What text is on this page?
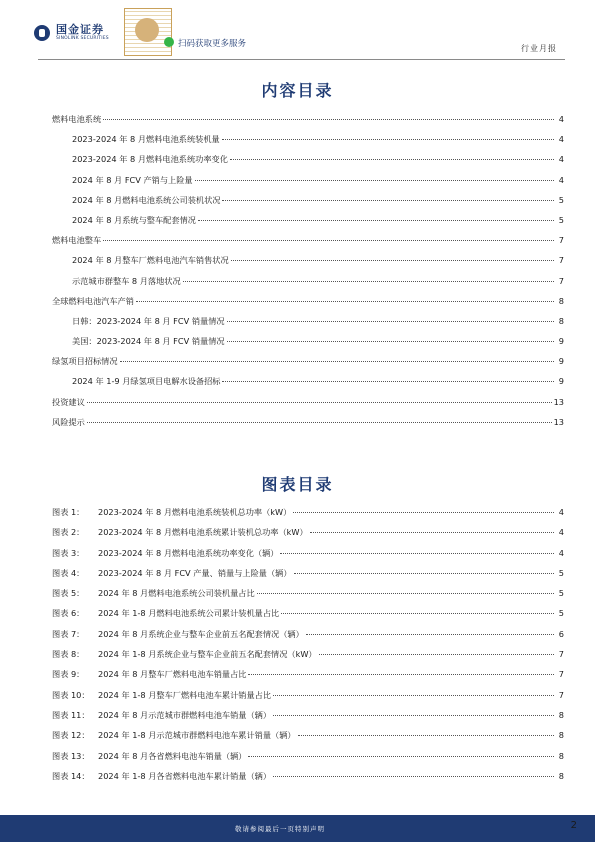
国金证券
SINOLINK SECURITIES
扫码获取更多服务	行业月报
内容目录
燃料电池系统	4
2023-2024 年 8 月燃料电池系统装机量	4
2023-2024 年 8 月燃料电池系统功率变化	4
2024 年 8 月 FCV 产销与上险量	4
2024 年 8 月燃料电池系统公司装机状况	5
2024 年 8 月系统与整车配套情况	5
燃料电池整车	7
2024 年 8 月整车厂燃料电池汽车销售状况	7
示范城市群整车 8 月落地状况	7
全球燃料电池汽车产销	8
日韩：2023-2024 年 8 月 FCV 销量情况	8
美国：2023-2024 年 8 月 FCV 销量情况	9
绿氢项目招标情况	9
2024 年 1-9 月绿氢项目电解水设备招标	9
投资建议	13
风险提示	13
图表目录
图表 1：	2023-2024 年 8 月燃料电池系统装机总功率（kW）	4
图表 2：	2023-2024 年 8 月燃料电池系统累计装机总功率（kW）	4
图表 3：	2023-2024 年 8 月燃料电池系统功率变化（辆）	4
图表 4：	2023-2024 年 8 月 FCV 产量、销量与上险量（辆）	5
图表 5：	2024 年 8 月燃料电池系统公司装机量占比	5
图表 6：	2024 年 1-8 月燃料电池系统公司累计装机量占比	5
图表 7：	2024 年 8 月系统企业与整车企业前五名配套情况（辆）	6
图表 8：	2024 年 1-8 月系统企业与整车企业前五名配套情况（kW）	7
图表 9：	2024 年 8 月整车厂燃料电池车销量占比	7
图表 10：	2024 年 1-8 月整车厂燃料电池车累计销量占比	7
图表 11：	2024 年 8 月示范城市群燃料电池车销量（辆）	8
图表 12：	2024 年 1-8 月示范城市群燃料电池车累计销量（辆）	8
图表 13：	2024 年 8 月各省燃料电池车销量（辆）	8
图表 14：	2024 年 1-8 月各省燃料电池车累计销量（辆）	8
敬请参阅最后一页特别声明	2
